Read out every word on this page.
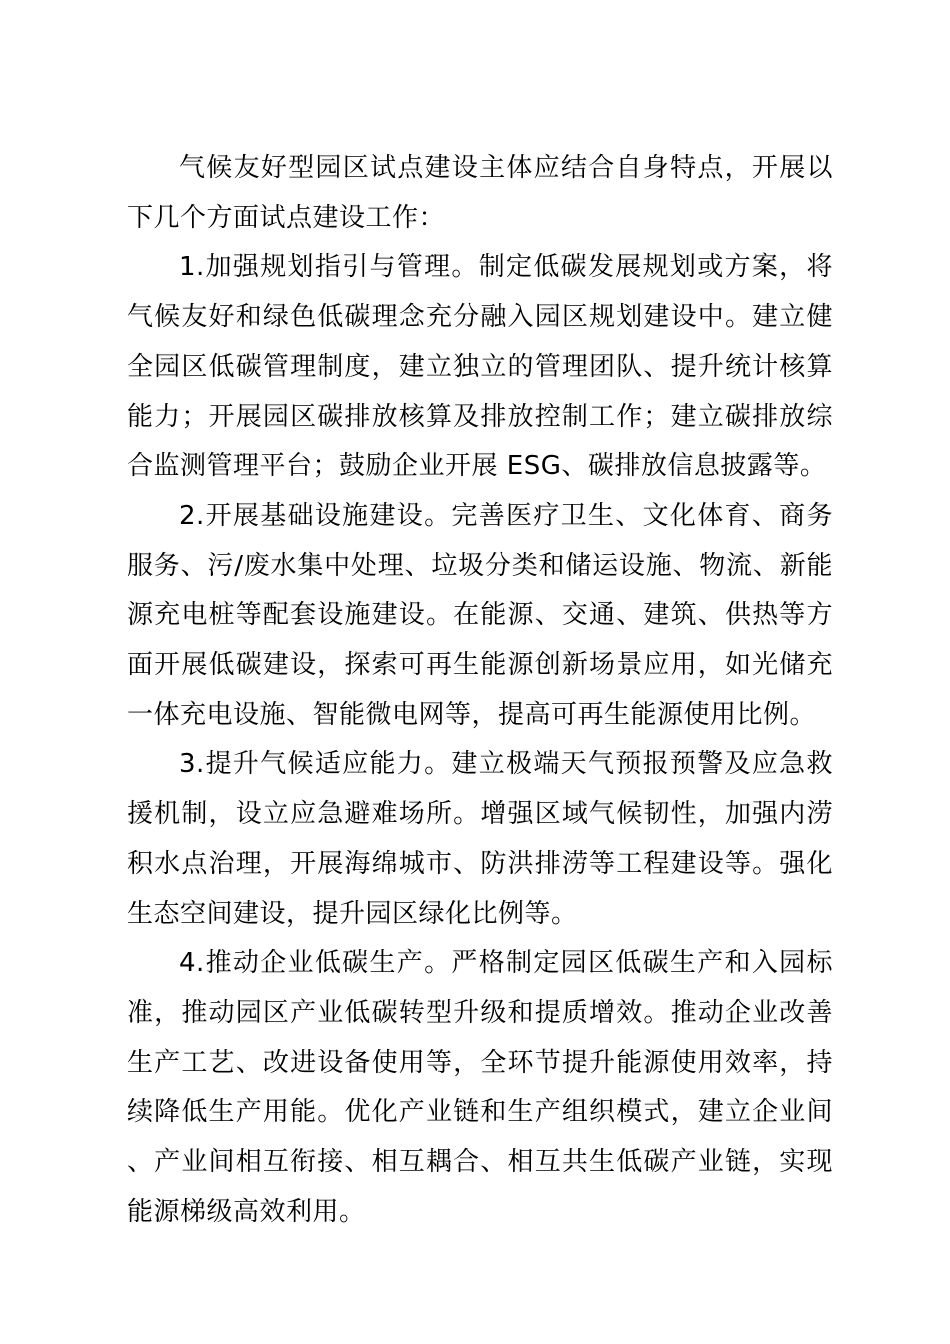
气候友好型园区试点建设主体应结合自身特点，开展以下几个方面试点建设工作：

1.加强规划指引与管理。制定低碳发展规划或方案，将气候友好和绿色低碳理念充分融入园区规划建设中。建立健全园区低碳管理制度，建立独立的管理团队、提升统计核算能力；开展园区碳排放核算及排放控制工作；建立碳排放综合监测管理平台；鼓励企业开展 ESG、碳排放信息披露等。

2.开展基础设施建设。完善医疗卫生、文化体育、商务服务、污/废水集中处理、垃圾分类和储运设施、物流、新能源充电桩等配套设施建设。在能源、交通、建筑、供热等方面开展低碳建设，探索可再生能源创新场景应用，如光储充一体充电设施、智能微电网等，提高可再生能源使用比例。

3.提升气候适应能力。建立极端天气预报预警及应急救援机制，设立应急避难场所。增强区域气候韧性，加强内涝积水点治理，开展海绵城市、防洪排涝等工程建设等。强化生态空间建设，提升园区绿化比例等。

4.推动企业低碳生产。严格制定园区低碳生产和入园标准，推动园区产业低碳转型升级和提质增效。推动企业改善生产工艺、改进设备使用等，全环节提升能源使用效率，持续降低生产用能。优化产业链和生产组织模式，建立企业间、产业间相互衔接、相互耦合、相互共生低碳产业链，实现能源梯级高效利用。
